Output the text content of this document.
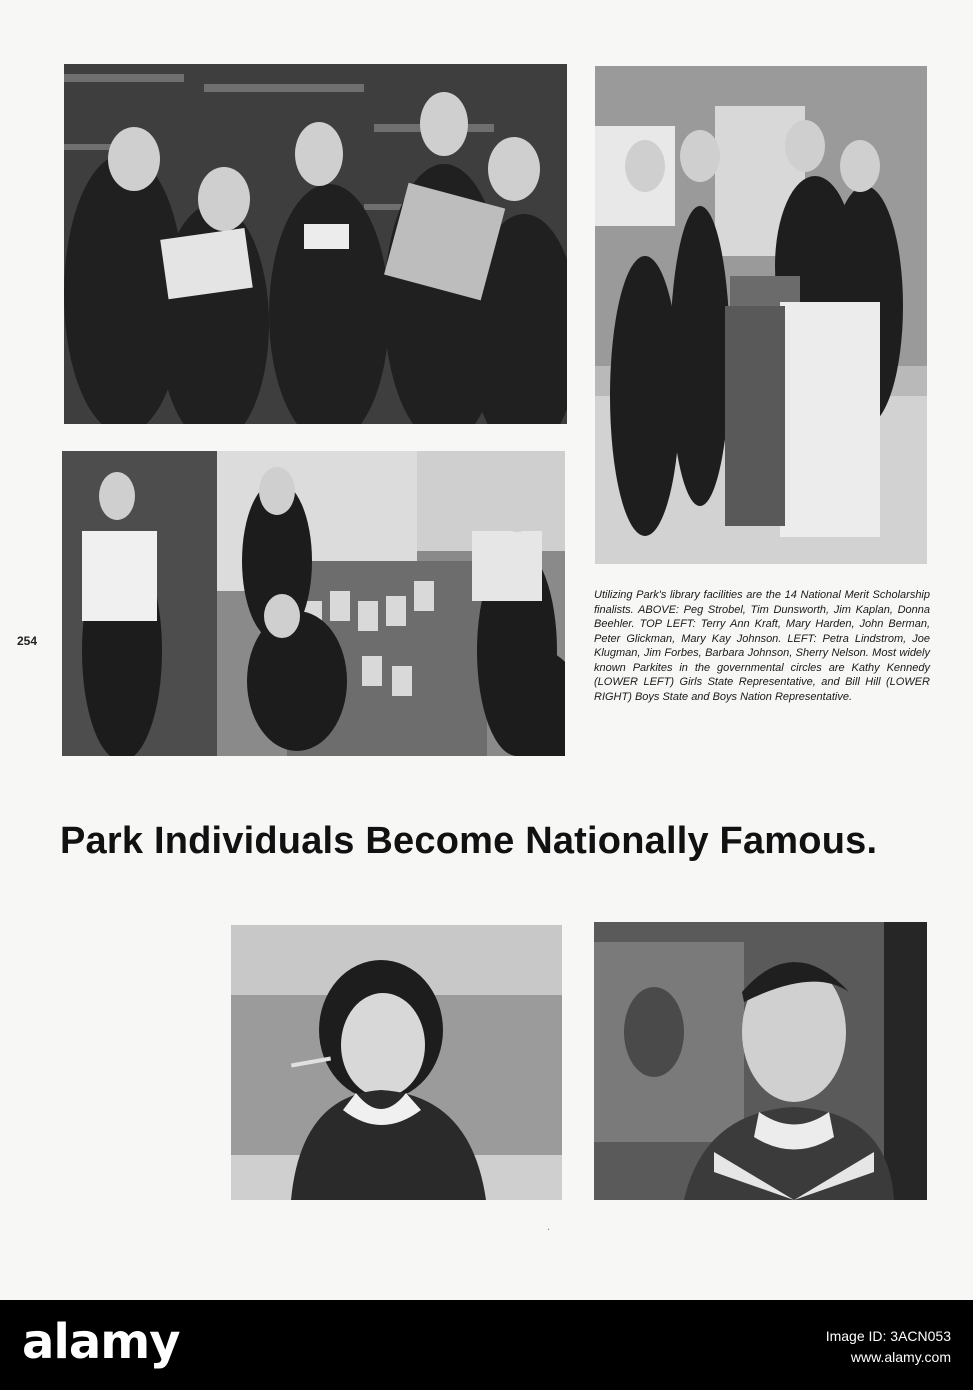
254
Utilizing Park's library facilities are the 14 National Merit Scholarship finalists. ABOVE: Peg Strobel, Tim Dunsworth, Jim Kaplan, Donna Beehler. TOP LEFT: Terry Ann Kraft, Mary Harden, John Berman, Peter Glickman, Mary Kay Johnson. LEFT: Petra Lindstrom, Joe Klugman, Jim Forbes, Barbara Johnson, Sherry Nelson. Most widely known Parkites in the governmental circles are Kathy Kennedy (LOWER LEFT) Girls State Representative, and Bill Hill (LOWER RIGHT) Boys State and Boys Nation Representative.
Park Individuals Become Nationally Famous.
·
alamy	Image ID: 3ACN053
www.alamy.com
